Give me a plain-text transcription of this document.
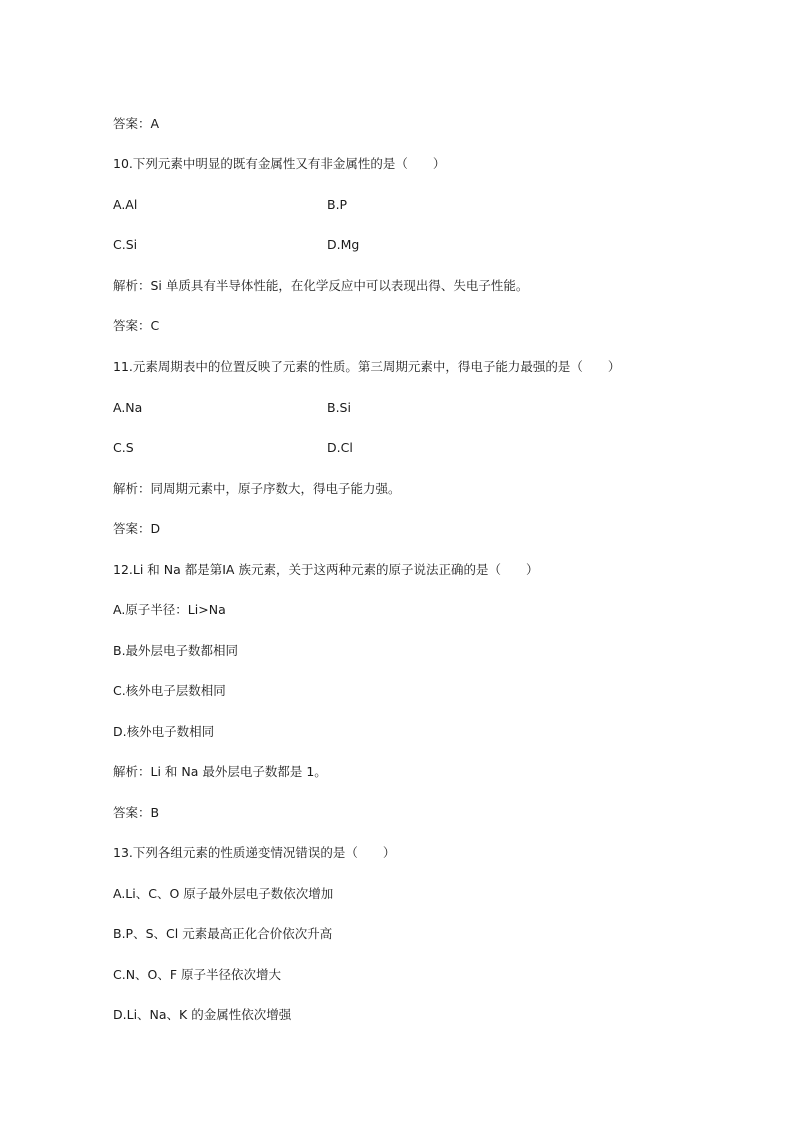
答案：A
10.下列元素中明显的既有金属性又有非金属性的是（　　）
A.Al	B.P
C.Si	D.Mg
解析：Si 单质具有半导体性能，在化学反应中可以表现出得、失电子性能。
答案：C
11.元素周期表中的位置反映了元素的性质。第三周期元素中，得电子能力最强的是（　　）
A.Na	B.Si
C.S	D.Cl
解析：同周期元素中，原子序数大，得电子能力强。
答案：D
12.Li 和 Na 都是第ⅠA 族元素，关于这两种元素的原子说法正确的是（　　）
A.原子半径：Li>Na
B.最外层电子数都相同
C.核外电子层数相同
D.核外电子数相同
解析：Li 和 Na 最外层电子数都是 1。
答案：B
13.下列各组元素的性质递变情况错误的是（　　）
A.Li、C、O 原子最外层电子数依次增加
B.P、S、Cl 元素最高正化合价依次升高
C.N、O、F 原子半径依次增大
D.Li、Na、K 的金属性依次增强
